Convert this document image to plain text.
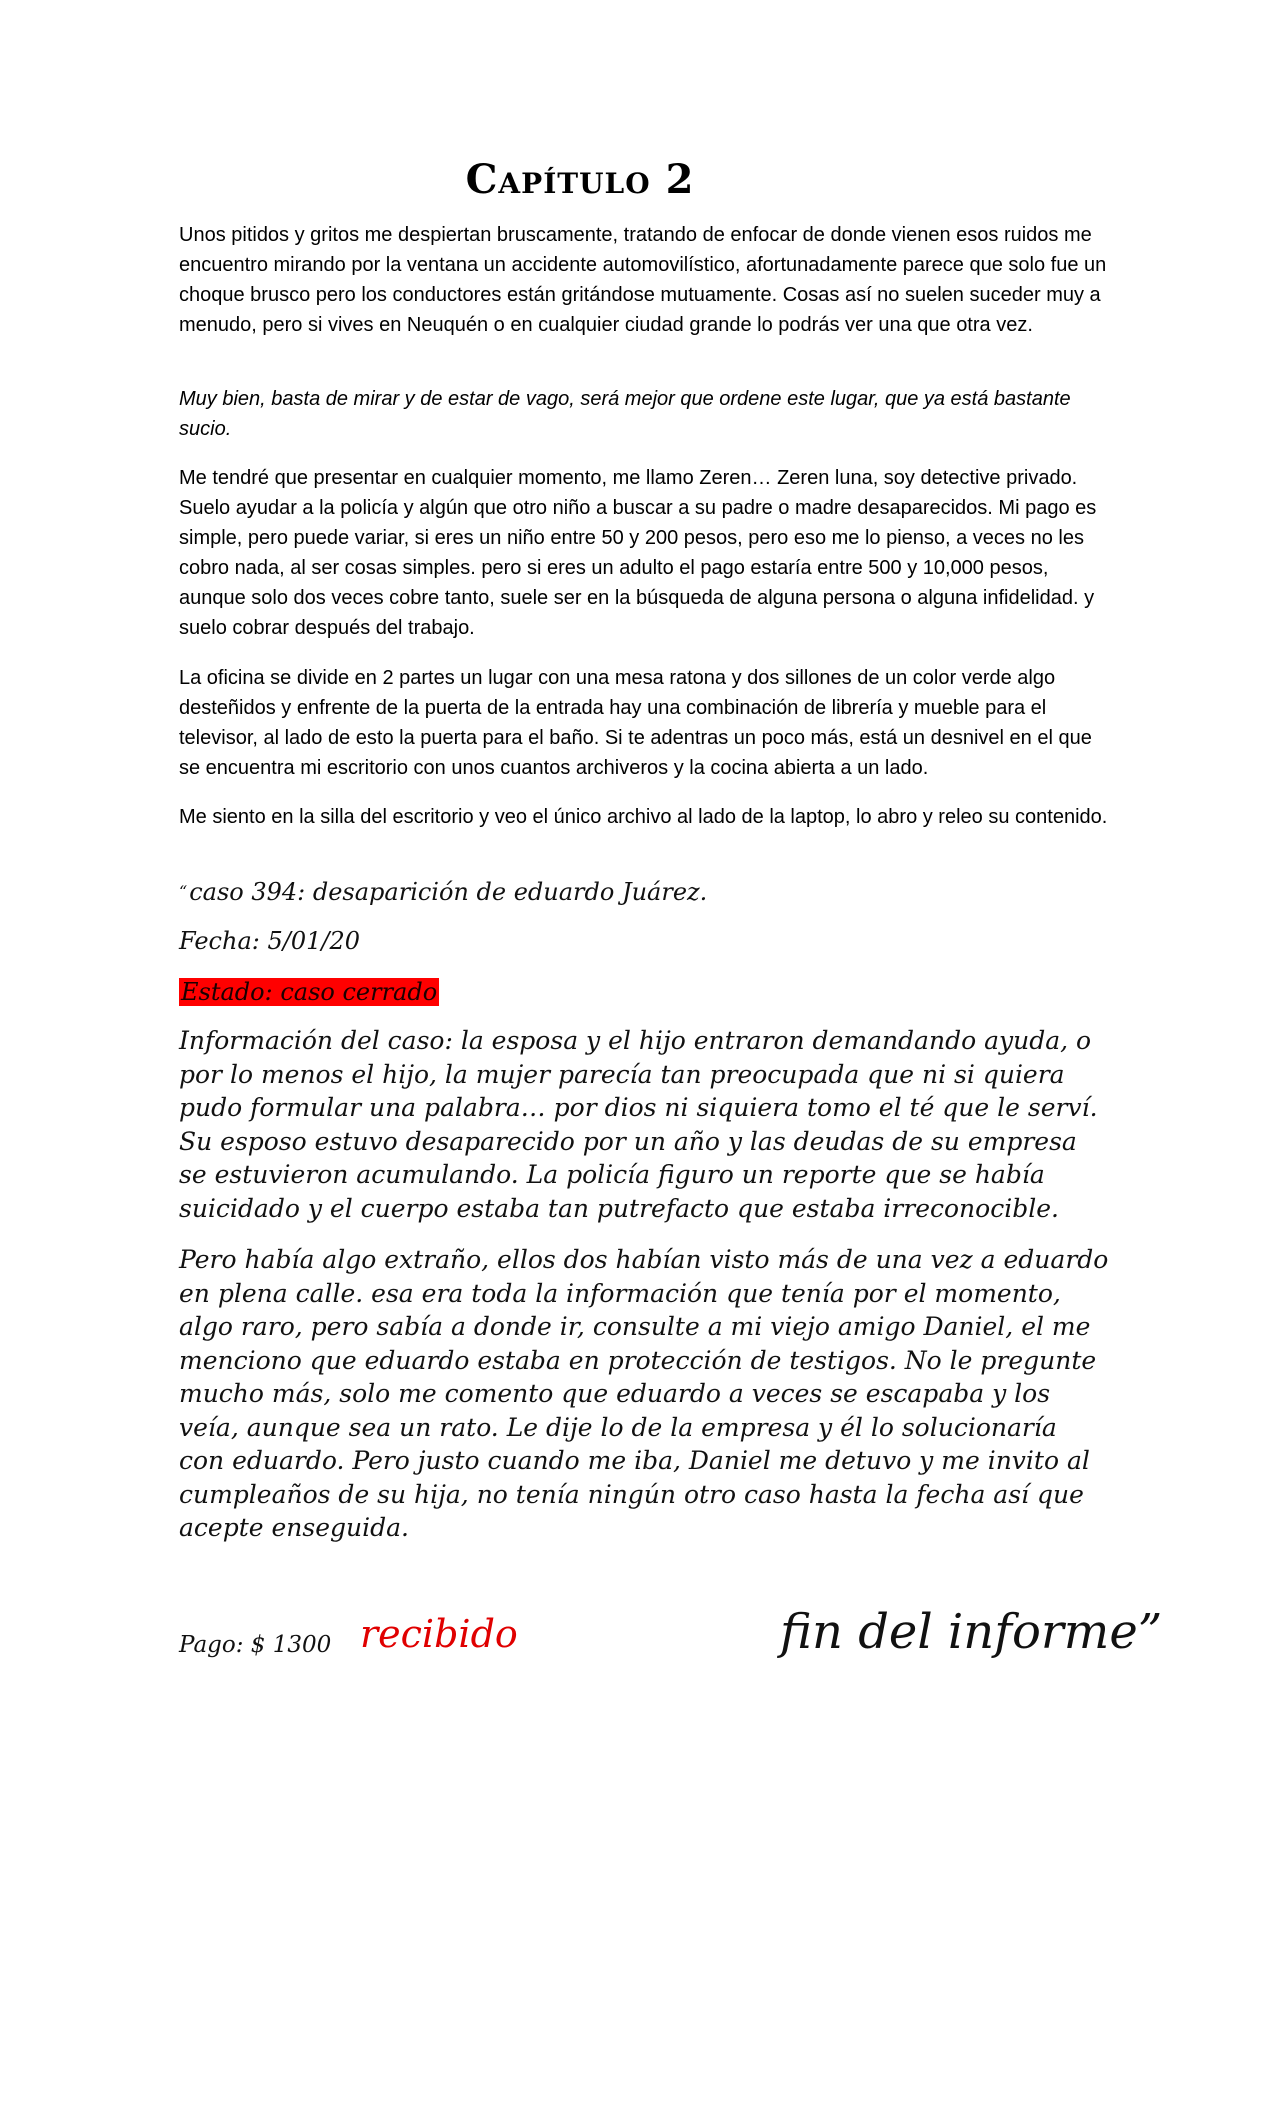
Capítulo 2

Unos pitidos y gritos me despiertan bruscamente, tratando de enfocar de donde vienen esos ruidos me encuentro mirando por la ventana un accidente automovilístico, afortunadamente parece que solo fue un choque brusco pero los conductores están gritándose mutuamente. Cosas así no suelen suceder muy a menudo, pero si vives en Neuquén o en cualquier ciudad grande lo podrás ver una que otra vez.

Muy bien, basta de mirar y de estar de vago, será mejor que ordene este lugar, que ya está bastante sucio.

Me tendré que presentar en cualquier momento, me llamo Zeren… Zeren luna, soy detective privado. Suelo ayudar a la policía y algún que otro niño a buscar a su padre o madre desaparecidos. Mi pago es simple, pero puede variar, si eres un niño entre 50 y 200 pesos, pero eso me lo pienso, a veces no les cobro nada, al ser cosas simples. pero si eres un adulto el pago estaría entre 500 y 10,000 pesos, aunque solo dos veces cobre tanto, suele ser en la búsqueda de alguna persona o alguna infidelidad. y suelo cobrar después del trabajo.

La oficina se divide en 2 partes un lugar con una mesa ratona y dos sillones de un color verde algo desteñidos y enfrente de la puerta de la entrada hay una combinación de librería y mueble para el televisor, al lado de esto la puerta para el baño. Si te adentras un poco más, está un desnivel en el que se encuentra mi escritorio con unos cuantos archiveros y la cocina abierta a un lado.

Me siento en la silla del escritorio y veo el único archivo al lado de la laptop, lo abro y releo su contenido.

“caso 394: desaparición de eduardo Juárez.
Fecha: 5/01/20
Estado: caso cerrado

Información del caso: la esposa y el hijo entraron demandando ayuda, o por lo menos el hijo, la mujer parecía tan preocupada que ni si quiera pudo formular una palabra… por dios ni siquiera tomo el té que le serví. Su esposo estuvo desaparecido por un año y las deudas de su empresa se estuvieron acumulando. La policía figuro un reporte que se había suicidado y el cuerpo estaba tan putrefacto que estaba irreconocible.

Pero había algo extraño, ellos dos habían visto más de una vez a eduardo en plena calle. esa era toda la información que tenía por el momento, algo raro, pero sabía a donde ir, consulte a mi viejo amigo Daniel, el me menciono que eduardo estaba en protección de testigos. No le pregunte mucho más, solo me comento que eduardo a veces se escapaba y los veía, aunque sea un rato. Le dije lo de la empresa y él lo solucionaría con eduardo. Pero justo cuando me iba, Daniel me detuvo y me invito al cumpleaños de su hija, no tenía ningún otro caso hasta la fecha así que acepte enseguida.

Pago: $ 1300 recibido	fin del informe”
